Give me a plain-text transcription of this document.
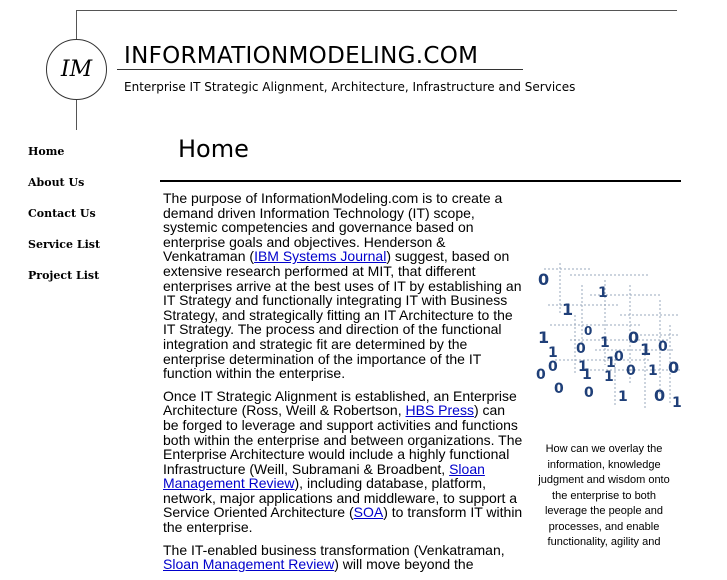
IM
INFORMATIONMODELING.COM
Enterprise IT Strategic Alignment, Architecture, Infrastructure and Services
Home
About Us
Contact Us
Service List
Project List
Home

The purpose of InformationModeling.com is to create a demand driven Information Technology (IT) scope, systemic competencies and governance based on enterprise goals and objectives. Henderson & Venkatraman (IBM Systems Journal) suggest, based on extensive research performed at MIT, that different enterprises arrive at the best uses of IT by establishing an IT Strategy and functionally integrating IT with Business Strategy, and strategically fitting an IT Architecture to the IT Strategy. The process and direction of the functional integration and strategic fit are determined by the enterprise determination of the importance of the IT function within the enterprise.

Once IT Strategic Alignment is established, an Enterprise Architecture (Ross, Weill & Robertson, HBS Press) can be forged to leverage and support activities and functions both within the enterprise and between organizations. The Enterprise Architecture would include a highly functional Infrastructure (Weill, Subramani & Broadbent, Sloan Management Review), including database, platform, network, major applications and middleware, to support a Service Oriented Architecture (SOA) to transform IT within the enterprise.

The IT-enabled business transformation (Venkatraman, Sloan Management Review) will move beyond the

0
1
1
0
1	0
1 0 1
0 1 0
0 1 1 0 1 0
0	1 1
0 0 1 0 1
How can we overlay the information, knowledge judgment and wisdom onto the enterprise to both leverage the people and processes, and enable functionality, agility and
